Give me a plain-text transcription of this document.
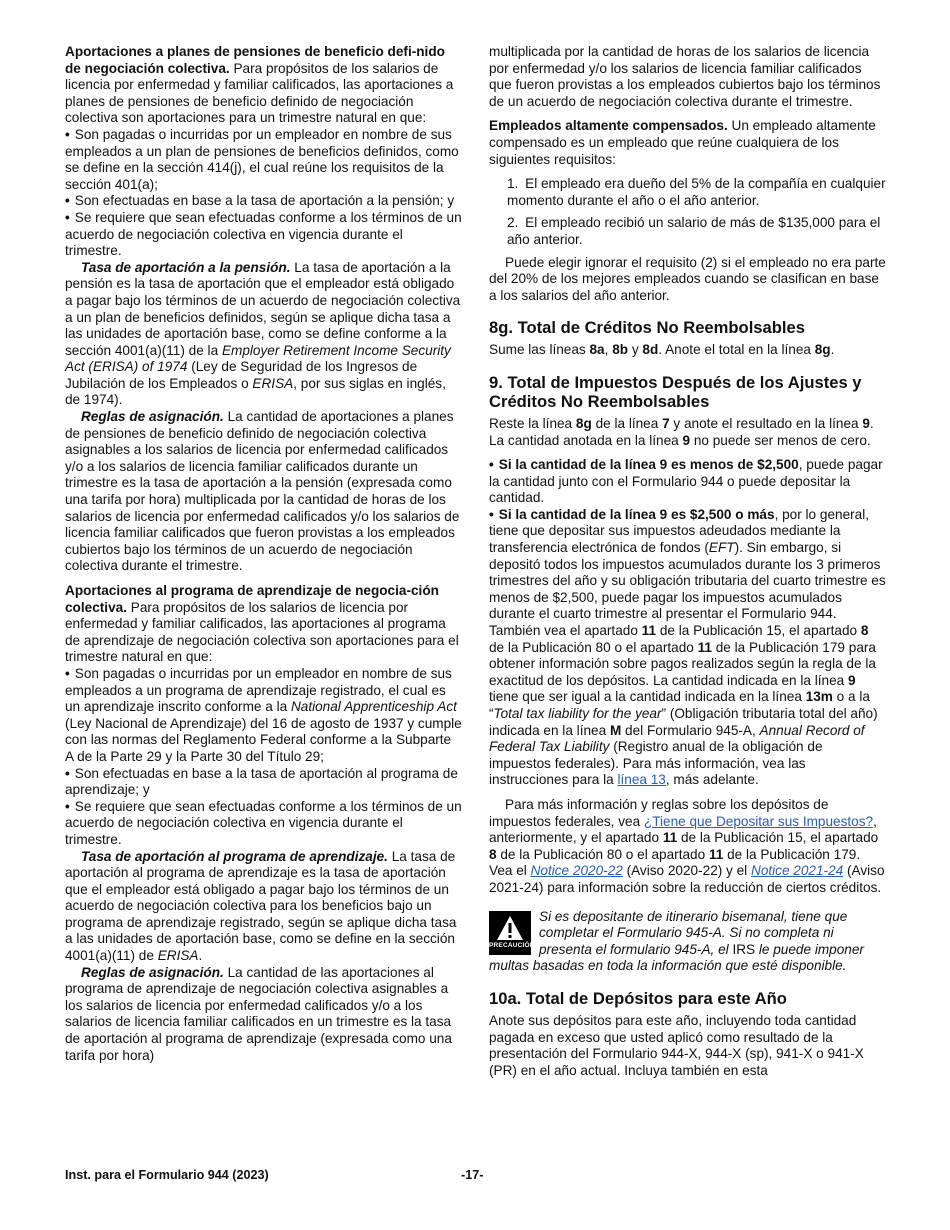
Aportaciones a planes de pensiones de beneficio defi-nido de negociación colectiva. Para propósitos de los salarios de licencia por enfermedad y familiar calificados, las aportaciones a planes de pensiones de beneficio definido de negociación colectiva son aportaciones para un trimestre natural en que:

• Son pagadas o incurridas por un empleador en nombre de sus empleados a un plan de pensiones de beneficios definidos, como se define en la sección 414(j), el cual reúne los requisitos de la sección 401(a);

• Son efectuadas en base a la tasa de aportación a la pensión; y

• Se requiere que sean efectuadas conforme a los términos de un acuerdo de negociación colectiva en vigencia durante el trimestre.

Tasa de aportación a la pensión. La tasa de aportación a la pensión es la tasa de aportación que el empleador está obligado a pagar bajo los términos de un acuerdo de negociación colectiva a un plan de beneficios definidos, según se aplique dicha tasa a las unidades de aportación base, como se define conforme a la sección 4001(a)(11) de la Employer Retirement Income Security Act (ERISA) of 1974 (Ley de Seguridad de los Ingresos de Jubilación de los Empleados o ERISA, por sus siglas en inglés, de 1974).

Reglas de asignación. La cantidad de aportaciones a planes de pensiones de beneficio definido de negociación colectiva asignables a los salarios de licencia por enfermedad calificados y/o a los salarios de licencia familiar calificados durante un trimestre es la tasa de aportación a la pensión (expresada como una tarifa por hora) multiplicada por la cantidad de horas de los salarios de licencia por enfermedad calificados y/o los salarios de licencia familiar calificados que fueron provistas a los empleados cubiertos bajo los términos de un acuerdo de negociación colectiva durante el trimestre.

Aportaciones al programa de aprendizaje de negocia-ción colectiva. Para propósitos de los salarios de licencia por enfermedad y familiar calificados, las aportaciones al programa de aprendizaje de negociación colectiva son aportaciones para el trimestre natural en que:

• Son pagadas o incurridas por un empleador en nombre de sus empleados a un programa de aprendizaje registrado, el cual es un aprendizaje inscrito conforme a la National Apprenticeship Act (Ley Nacional de Aprendizaje) del 16 de agosto de 1937 y cumple con las normas del Reglamento Federal conforme a la Subparte A de la Parte 29 y la Parte 30 del Título 29;

• Son efectuadas en base a la tasa de aportación al programa de aprendizaje; y

• Se requiere que sean efectuadas conforme a los términos de un acuerdo de negociación colectiva en vigencia durante el trimestre.

Tasa de aportación al programa de aprendizaje. La tasa de aportación al programa de aprendizaje es la tasa de aportación que el empleador está obligado a pagar bajo los términos de un acuerdo de negociación colectiva para los beneficios bajo un programa de aprendizaje registrado, según se aplique dicha tasa a las unidades de aportación base, como se define en la sección 4001(a)(11) de ERISA.

Reglas de asignación. La cantidad de las aportaciones al programa de aprendizaje de negociación colectiva asignables a los salarios de licencia por enfermedad calificados y/o a los salarios de licencia familiar calificados en un trimestre es la tasa de aportación al programa de aprendizaje (expresada como una tarifa por hora)

multiplicada por la cantidad de horas de los salarios de licencia por enfermedad y/o los salarios de licencia familiar calificados que fueron provistas a los empleados cubiertos bajo los términos de un acuerdo de negociación colectiva durante el trimestre.

Empleados altamente compensados. Un empleado altamente compensado es un empleado que reúne cualquiera de los siguientes requisitos:

1. El empleado era dueño del 5% de la compañía en cualquier momento durante el año o el año anterior.

2. El empleado recibió un salario de más de $135,000 para el año anterior.

Puede elegir ignorar el requisito (2) si el empleado no era parte del 20% de los mejores empleados cuando se clasifican en base a los salarios del año anterior.

8g. Total de Créditos No Reembolsables

Sume las líneas 8a, 8b y 8d. Anote el total en la línea 8g.

9. Total de Impuestos Después de los Ajustes y Créditos No Reembolsables

Reste la línea 8g de la línea 7 y anote el resultado en la línea 9. La cantidad anotada en la línea 9 no puede ser menos de cero.

• Si la cantidad de la línea 9 es menos de $2,500, puede pagar la cantidad junto con el Formulario 944 o puede depositar la cantidad.

• Si la cantidad de la línea 9 es $2,500 o más, por lo general, tiene que depositar sus impuestos adeudados mediante la transferencia electrónica de fondos (EFT). Sin embargo, si depositó todos los impuestos acumulados durante los 3 primeros trimestres del año y su obligación tributaria del cuarto trimestre es menos de $2,500, puede pagar los impuestos acumulados durante el cuarto trimestre al presentar el Formulario 944. También vea el apartado 11 de la Publicación 15, el apartado 8 de la Publicación 80 o el apartado 11 de la Publicación 179 para obtener información sobre pagos realizados según la regla de la exactitud de los depósitos. La cantidad indicada en la línea 9 tiene que ser igual a la cantidad indicada en la línea 13m o a la “Total tax liability for the year” (Obligación tributaria total del año) indicada en la línea M del Formulario 945-A, Annual Record of Federal Tax Liability (Registro anual de la obligación de impuestos federales). Para más información, vea las instrucciones para la línea 13, más adelante.

Para más información y reglas sobre los depósitos de impuestos federales, vea ¿Tiene que Depositar sus Impuestos?, anteriormente, y el apartado 11 de la Publicación 15, el apartado 8 de la Publicación 80 o el apartado 11 de la Publicación 179. Vea el Notice 2020-22 (Aviso 2020-22) y el Notice 2021-24 (Aviso 2021-24) para información sobre la reducción de ciertos créditos.

PRECAUCIÓN
Si es depositante de itinerario bisemanal, tiene que completar el Formulario 945-A. Si no completa ni presenta el formulario 945-A, el IRS le puede imponer multas basadas en toda la información que esté disponible.
10a. Total de Depósitos para este Año

Anote sus depósitos para este año, incluyendo toda cantidad pagada en exceso que usted aplicó como resultado de la presentación del Formulario 944-X, 944-X (sp), 941-X o 941-X (PR) en el año actual. Incluya también en esta

Inst. para el Formulario 944 (2023)	-17-
